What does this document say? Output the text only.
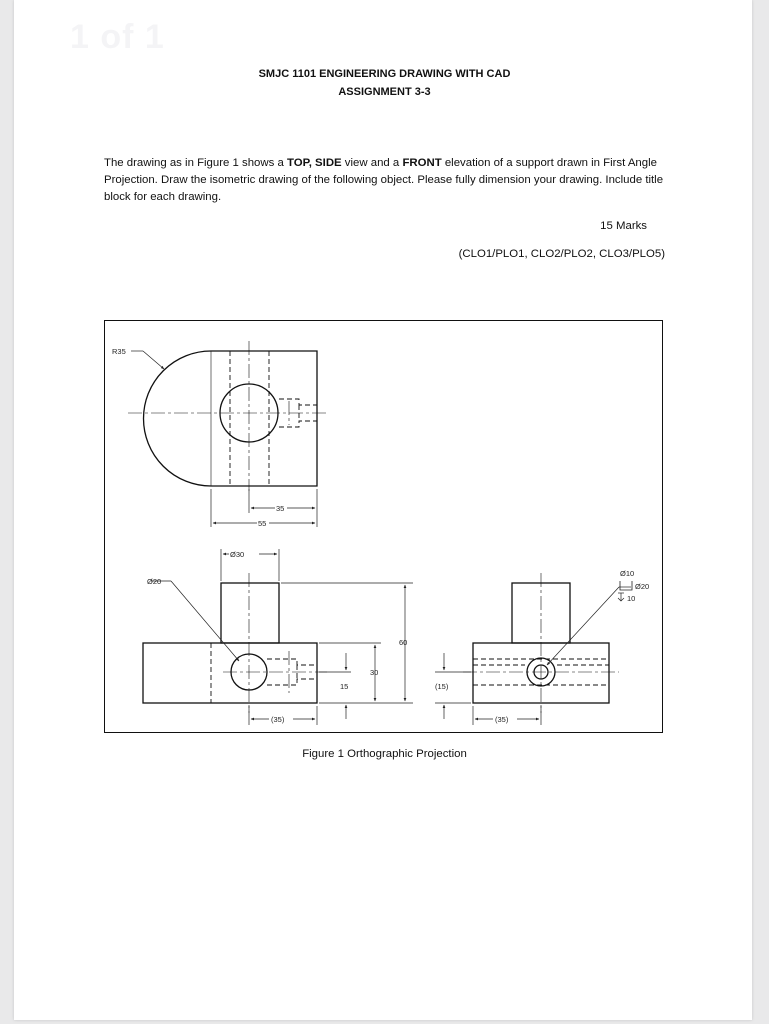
1 of 1
SMJC 1101 ENGINEERING DRAWING WITH CAD
ASSIGNMENT 3-3
The drawing as in Figure 1 shows a TOP, SIDE view and a FRONT elevation of a support drawn in First Angle Projection. Draw the isometric drawing of the following object. Please fully dimension your drawing. Include title block for each drawing.
15 Marks
(CLO1/PLO1, CLO2/PLO2, CLO3/PLO5)
35
55
R35
Ø30
Ø20
60
30
15
(35)
(15)
(35)
Ø10
Ø20
10
Figure 1 Orthographic Projection
